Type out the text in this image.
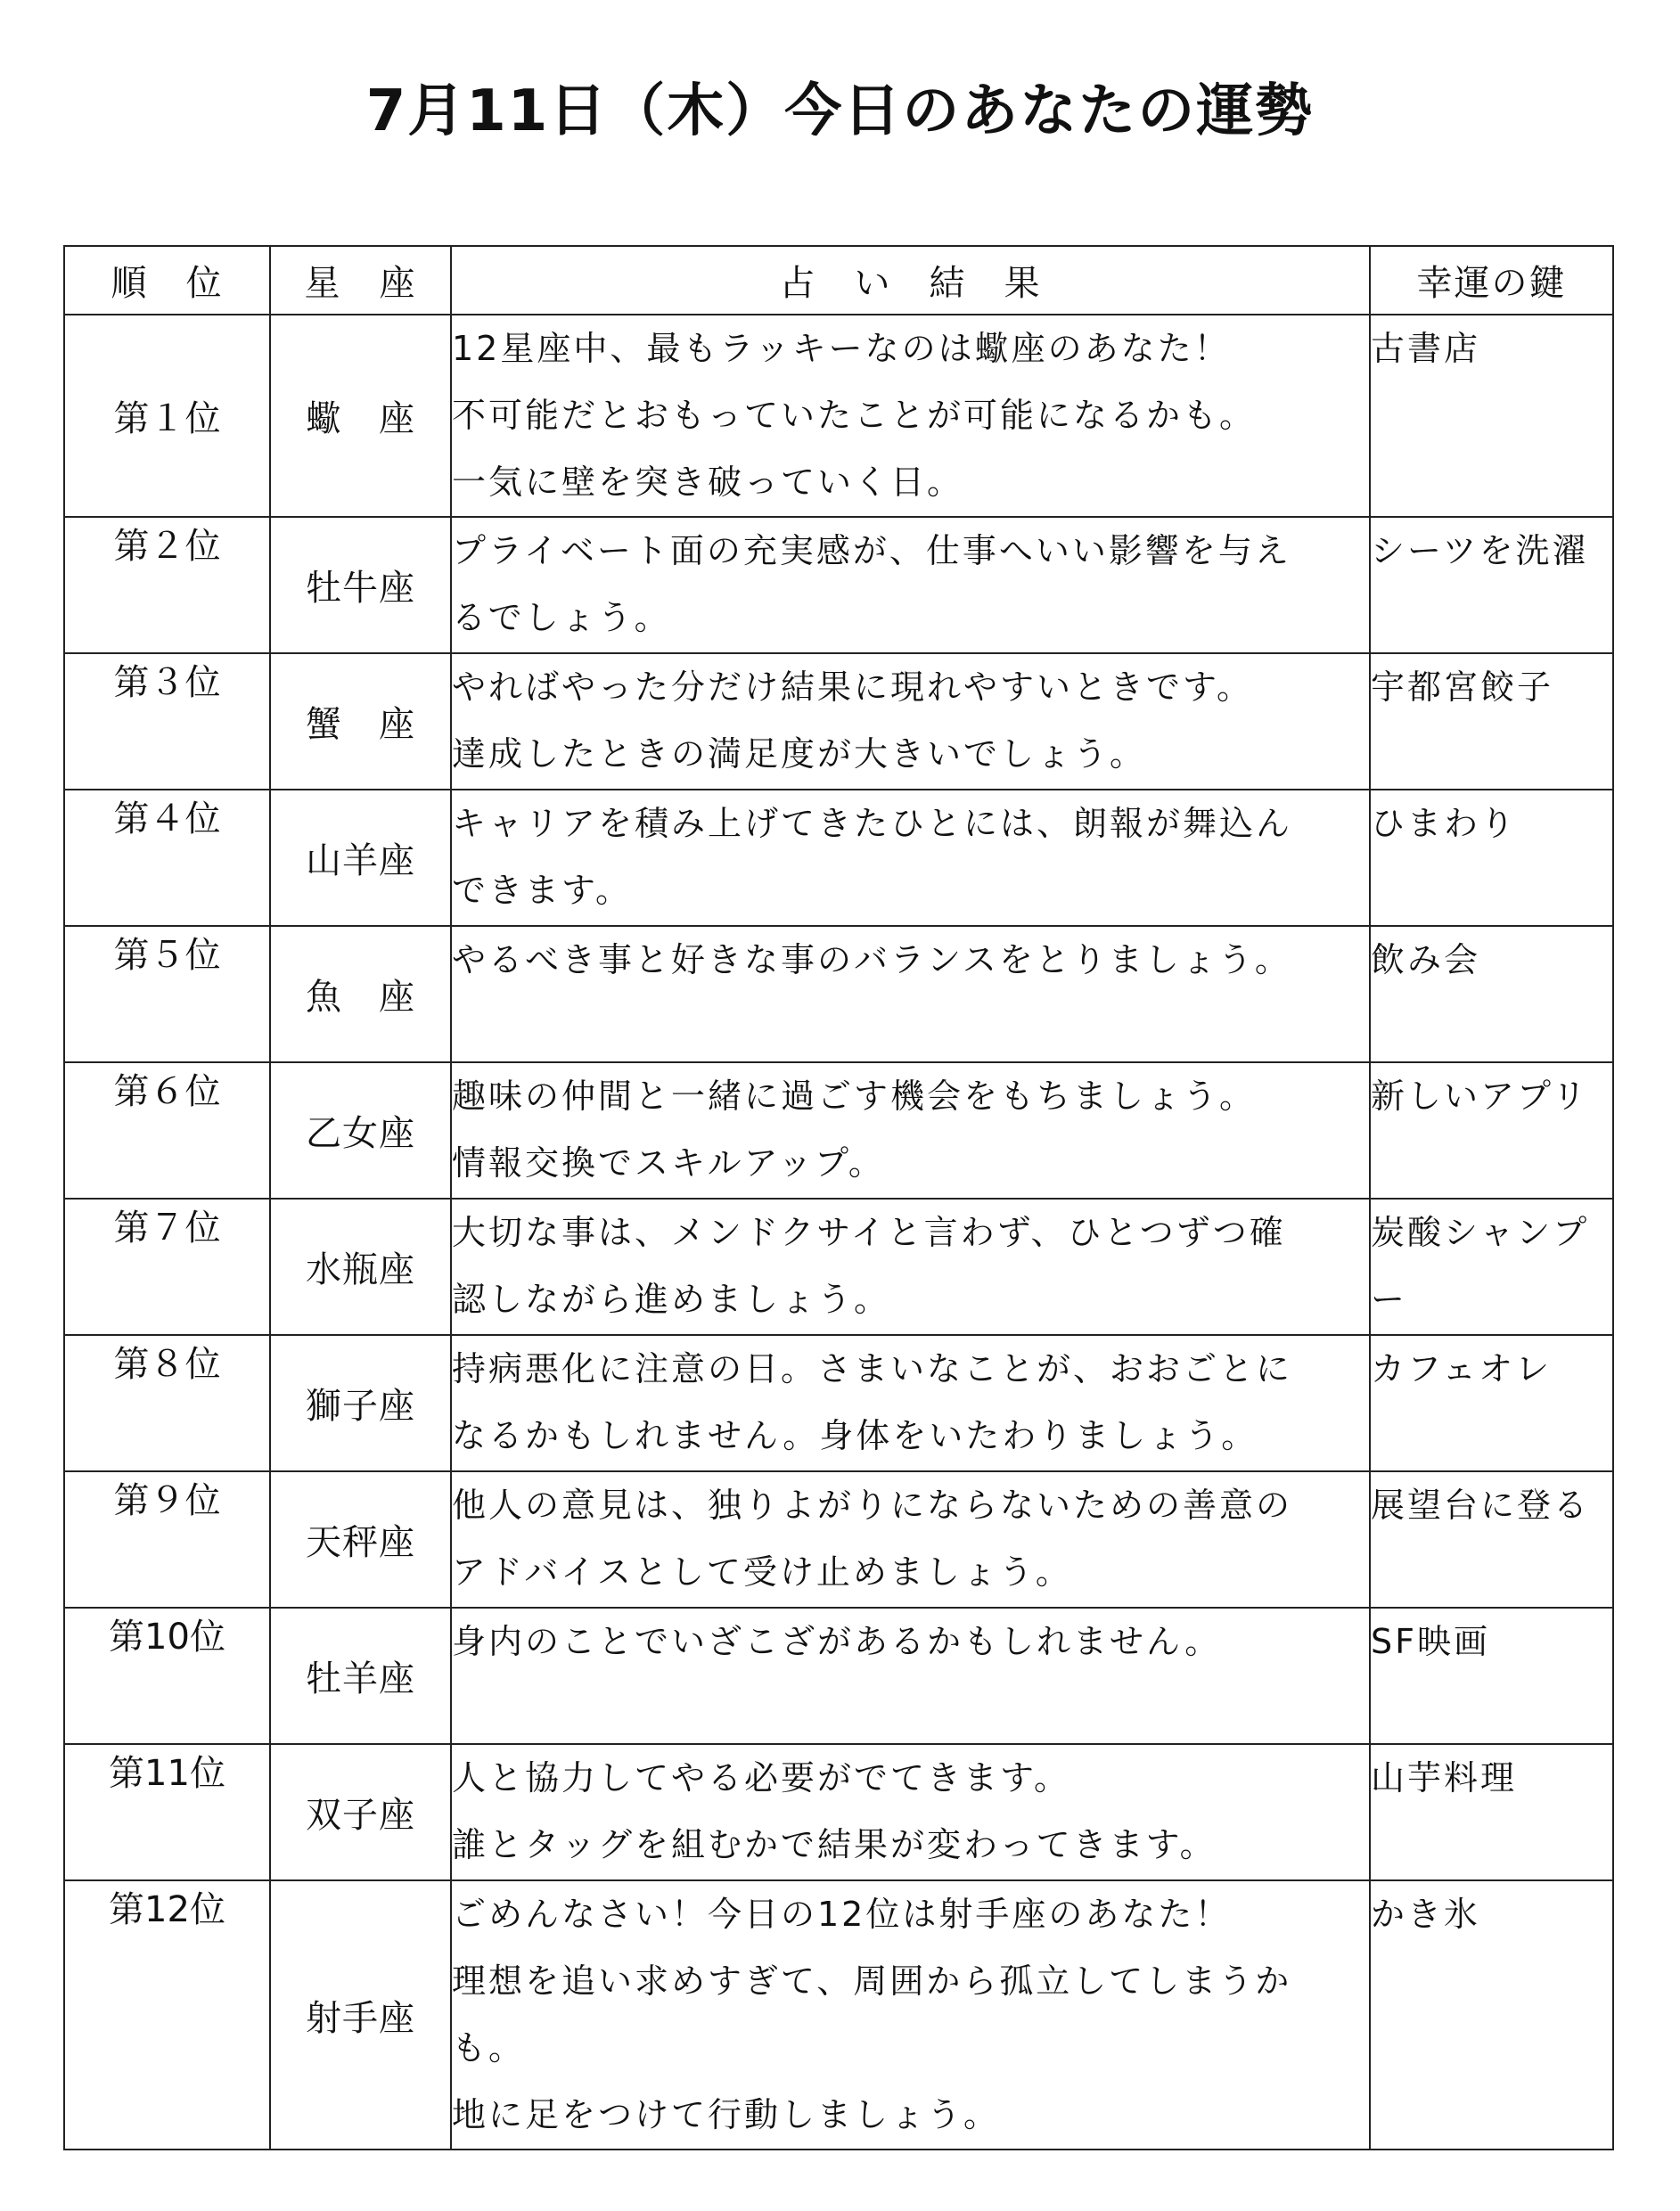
7月11日（木）今日のあなたの運勢
順　位	星　座	占　い　結　果	幸運の鍵
第１位	蠍　座	12星座中、最もラッキーなのは蠍座のあなた！
不可能だとおもっていたことが可能になるかも。
一気に壁を突き破っていく日。	古書店
第２位	牡牛座	プライベート面の充実感が、仕事へいい影響を与え
るでしょう。	シーツを洗濯
第３位	蟹　座	やればやった分だけ結果に現れやすいときです。
達成したときの満足度が大きいでしょう。	宇都宮餃子
第４位	山羊座	キャリアを積み上げてきたひとには、朗報が舞込ん
できます。	ひまわり
第５位	魚　座	やるべき事と好きな事のバランスをとりましょう。	飲み会
第６位	乙女座	趣味の仲間と一緒に過ごす機会をもちましょう。
情報交換でスキルアップ。	新しいアプリ
第７位	水瓶座	大切な事は、メンドクサイと言わず、ひとつずつ確
認しながら進めましょう。	炭酸シャンプー
第８位	獅子座	持病悪化に注意の日。さまいなことが、おおごとに
なるかもしれません。身体をいたわりましょう。	カフェオレ
第９位	天秤座	他人の意見は、独りよがりにならないための善意の
アドバイスとして受け止めましょう。	展望台に登る
第10位	牡羊座	身内のことでいざこざがあるかもしれません。	SF映画
第11位	双子座	人と協力してやる必要がでてきます。
誰とタッグを組むかで結果が変わってきます。	山芋料理
第12位	射手座	ごめんなさい！今日の12位は射手座のあなた！
理想を追い求めすぎて、周囲から孤立してしまうか
も。
地に足をつけて行動しましょう。	かき氷
